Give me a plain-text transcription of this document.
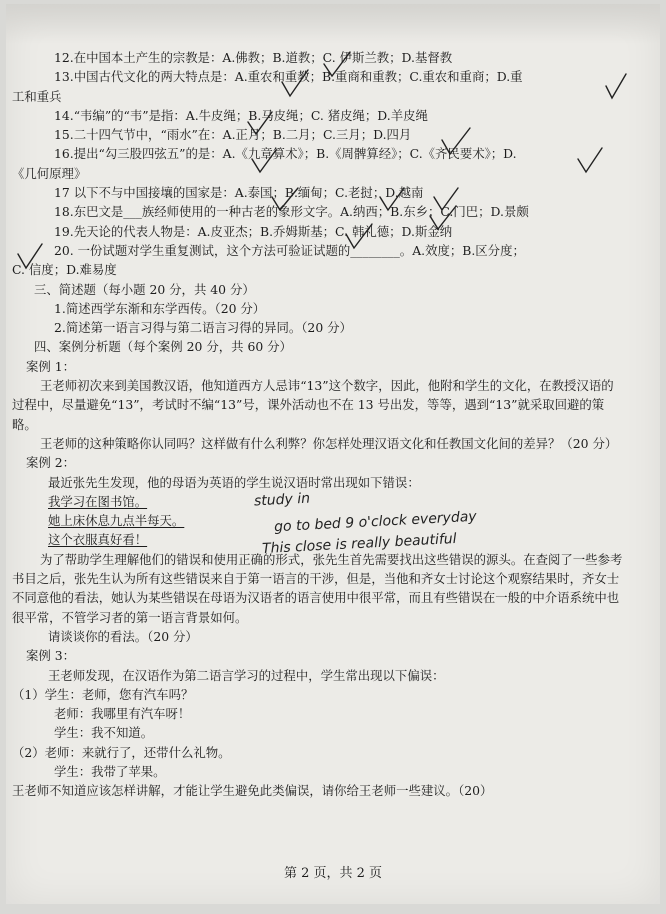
12.在中国本土产生的宗教是：A.佛教；B.道教；C. 伊斯兰教；D.基督教
13.中国古代文化的两大特点是：A.重农和重教；B.重商和重教；C.重农和重商；D.重
工和重兵
14.“韦编”的“韦”是指：A.牛皮绳；B.马皮绳；C. 猪皮绳；D.羊皮绳
15.二十四气节中，“雨水”在：A.正月；B.二月；C.三月；D.四月
16.提出“勾三股四弦五”的是：A.《九章算术》；B.《周髀算经》；C.《齐民要术》；D.
《几何原理》
17 以下不与中国接壤的国家是：A.泰国；B.缅甸；C.老挝；D.越南
18.东巴文是___族经师使用的一种古老的象形文字。A.纳西；B.东乡；C.门巴；D.景颇
19.先天论的代表人物是：A.皮亚杰；B.乔姆斯基；C. 韩礼德；D.斯金纳
20. 一份试题对学生重复测试，这个方法可验证试题的________。A.效度；B.区分度；
C. 信度；D.难易度
三、简述题（每小题 20 分，共 40 分）
1.简述西学东渐和东学西传。（20 分）
2.简述第一语言习得与第二语言习得的异同。（20 分）
四、案例分析题（每个案例 20 分，共 60 分）
案例 1：
王老师初次来到美国教汉语，他知道西方人忌讳“13”这个数字，因此，他附和学生的文化，在教授汉语的过程中，尽量避免“13”，考试时不编“13”号，课外活动也不在 13 号出发，等等，遇到“13”就采取回避的策略。
王老师的这种策略你认同吗？这样做有什么利弊？你怎样处理汉语文化和任教国文化间的差异？（20 分）
案例 2：
最近张先生发现，他的母语为英语的学生说汉语时常出现如下错误：
我学习在图书馆。
她上床休息九点半每天。
这个衣服真好看！
为了帮助学生理解他们的错误和使用正确的形式，张先生首先需要找出这些错误的源头。在查阅了一些参考书目之后，张先生认为所有这些错误来自于第一语言的干涉，但是，当他和齐女士讨论这个观察结果时，齐女士不同意他的看法，她认为某些错误在母语为汉语者的语言使用中很平常，而且有些错误在一般的中介语系统中也很平常，不管学习者的第一语言背景如何。
请谈谈你的看法。（20 分）
案例 3：
王老师发现，在汉语作为第二语言学习的过程中，学生常出现以下偏误：
（1）学生：老师，您有汽车吗？
老师：我哪里有汽车呀！
学生：我不知道。
（2）老师：来就行了，还带什么礼物。
学生：我带了苹果。
王老师不知道应该怎样讲解，才能让学生避免此类偏误，请你给王老师一些建议。（20）
study in
go to bed 9 o'clock everyday
This close is really beautiful
第 2 页，共 2 页
